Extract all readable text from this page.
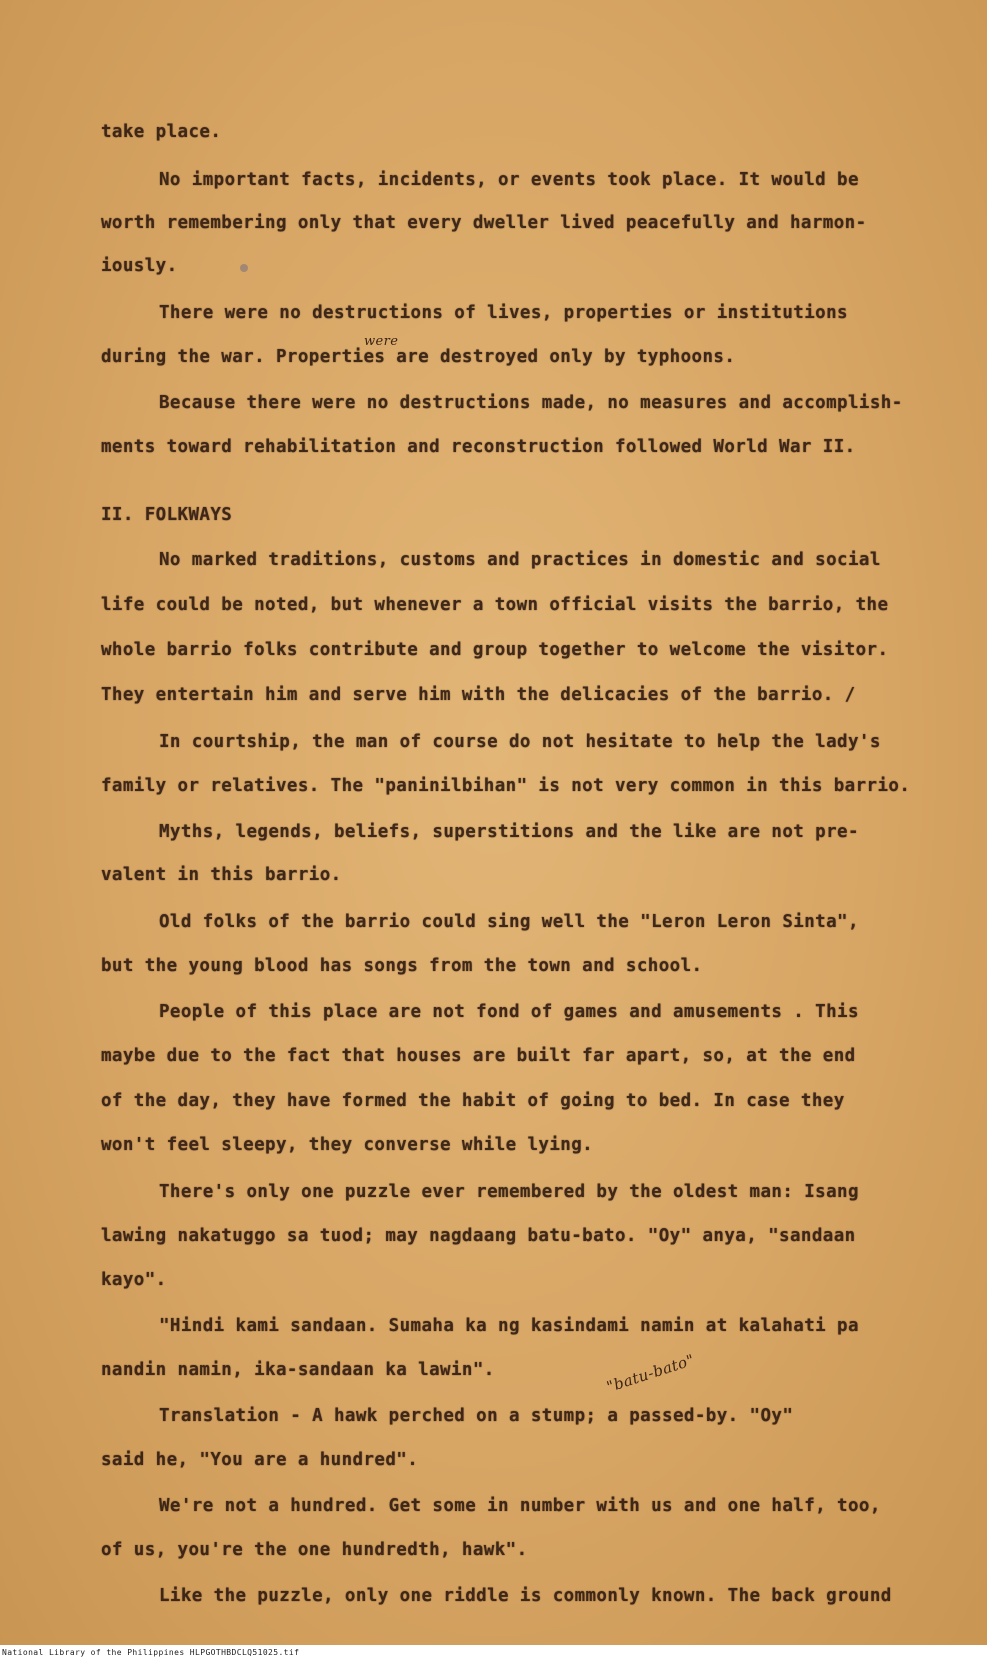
take place.
No important facts, incidents, or events took place. It would be
worth remembering only that every dweller lived peacefully and harmon-
iously.
There were no destructions of lives, properties or institutions
during the war. Properties are destroyed only by typhoons.
were
Because there were no destructions made, no measures and accomplish-
ments toward rehabilitation and reconstruction followed World War II.
II. FOLKWAYS
No marked traditions, customs and practices in domestic and social
life could be noted, but whenever a town official visits the barrio, the
whole barrio folks contribute and group together to welcome the visitor.
They entertain him and serve him with the delicacies of the barrio. /
In courtship, the man of course do not hesitate to help the lady's
family or relatives. The "paninilbihan" is not very common in this barrio.
Myths, legends, beliefs, superstitions and the like are not pre-
valent in this barrio.
Old folks of the barrio could sing well the "Leron Leron Sinta",
but the young blood has songs from the town and school.
People of this place are not fond of games and amusements . This
maybe due to the fact that houses are built far apart, so, at the end
of the day, they have formed the habit of going to bed. In case they
won't feel sleepy, they converse while lying.
There's only one puzzle ever remembered by the oldest man: Isang
lawing nakatuggo sa tuod; may nagdaang batu-bato. "Oy" anya, "sandaan
kayo".
"Hindi kami sandaan. Sumaha ka ng kasindami namin at kalahati pa
nandin namin, ika-sandaan ka lawin".
Translation - A hawk perched on a stump; a passed-by. "Oy"
"batu-bato"
said he, "You are a hundred".
We're not a hundred. Get some in number with us and one half, too,
of us, you're the one hundredth, hawk".
Like the puzzle, only one riddle is commonly known. The back ground
National Library of the Philippines HLPGOTHBDCLQ51025.tif
